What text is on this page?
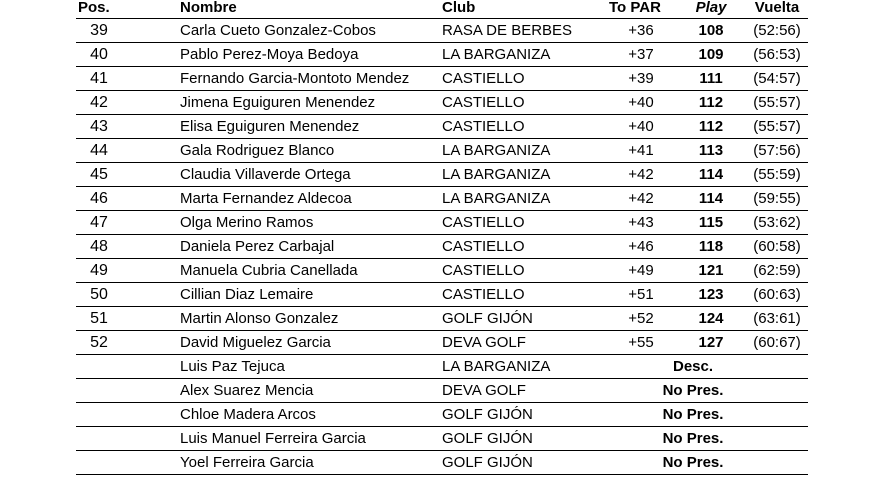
Pos.	Nombre	Club	To PAR	Play	Vuelta
39	Carla Cueto Gonzalez-Cobos	RASA DE BERBES	+36	108	(52:56)
40	Pablo Perez-Moya Bedoya	LA BARGANIZA	+37	109	(56:53)
41	Fernando Garcia-Montoto Mendez	CASTIELLO	+39	111	(54:57)
42	Jimena Eguiguren Menendez	CASTIELLO	+40	112	(55:57)
43	Elisa Eguiguren Menendez	CASTIELLO	+40	112	(55:57)
44	Gala Rodriguez Blanco	LA BARGANIZA	+41	113	(57:56)
45	Claudia Villaverde Ortega	LA BARGANIZA	+42	114	(55:59)
46	Marta Fernandez Aldecoa	LA BARGANIZA	+42	114	(59:55)
47	Olga Merino Ramos	CASTIELLO	+43	115	(53:62)
48	Daniela Perez Carbajal	CASTIELLO	+46	118	(60:58)
49	Manuela Cubria Canellada	CASTIELLO	+49	121	(62:59)
50	Cillian Diaz Lemaire	CASTIELLO	+51	123	(60:63)
51	Martin Alonso Gonzalez	GOLF GIJÓN	+52	124	(63:61)
52	David Miguelez Garcia	DEVA GOLF	+55	127	(60:67)
	Luis Paz Tejuca	LA BARGANIZA	Desc.		
	Alex Suarez Mencia	DEVA GOLF	No Pres.		
	Chloe Madera Arcos	GOLF GIJÓN	No Pres.		
	Luis Manuel Ferreira Garcia	GOLF GIJÓN	No Pres.		
	Yoel Ferreira Garcia	GOLF GIJÓN	No Pres.		
